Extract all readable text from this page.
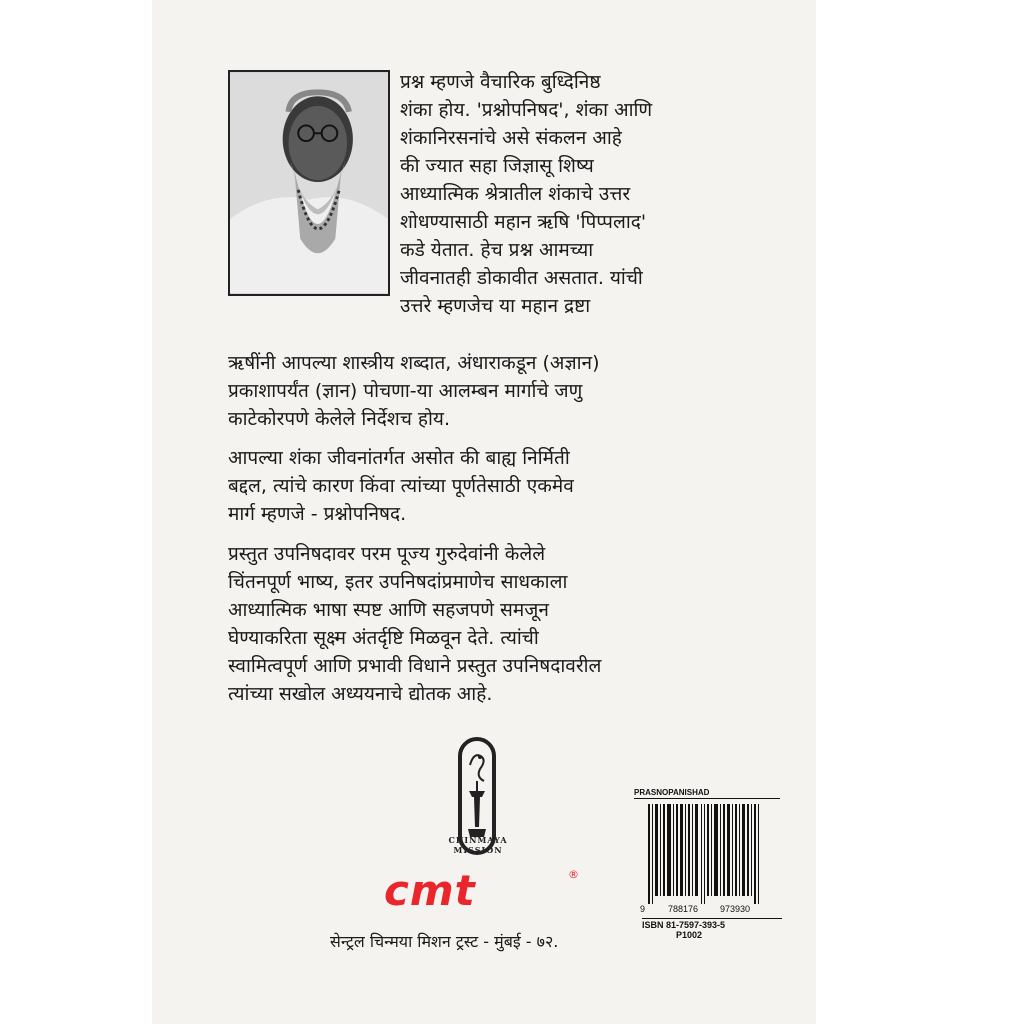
प्रश्न म्हणजे वैचारिक बुध्दिनिष्ठ
शंका होय. 'प्रश्नोपनिषद', शंका आणि
शंकानिरसनांचे असे संकलन आहे
की ज्यात सहा जिज्ञासू शिष्य
आध्यात्मिक श्रेत्रातील शंकाचे उत्तर
शोधण्यासाठी महान ऋषि 'पिप्पलाद'
कडे येतात. हेच प्रश्न आमच्या
जीवनातही डोकावीत असतात. यांची
उत्तरे म्हणजेच या महान द्रष्टा
ऋषींनी आपल्या शास्त्रीय शब्दात, अंधाराकडून (अज्ञान)
प्रकाशापर्यंत (ज्ञान) पोचणा-या आलम्बन मार्गाचे जणु
काटेकोरपणे केलेले निर्देशच होय.
आपल्या शंका जीवनांतर्गत असोत की बाह्य निर्मिती
बद्दल, त्यांचे कारण किंवा त्यांच्या पूर्णतेसाठी एकमेव
मार्ग म्हणजे - प्रश्नोपनिषद.
प्रस्तुत उपनिषदावर परम पूज्य गुरुदेवांनी केलेले
चिंतनपूर्ण भाष्य, इतर उपनिषदांप्रमाणेच साधकाला
आध्यात्मिक भाषा स्पष्ट आणि सहजपणे समजून
घेण्याकरिता सूक्ष्म अंतर्दृष्टि मिळवून देते. त्यांची
स्वामित्वपूर्ण आणि प्रभावी विधाने प्रस्तुत उपनिषदावरील
त्यांच्या सखोल अध्ययनाचे द्योतक आहे.
CHINMAYA MISSION
cmt	®
सेन्ट्रल चिन्मया मिशन ट्रस्ट - मुंबई - ७२.
PRASNOPANISHAD
9	788176 973930
ISBN 81-7597-393-5
P1002
